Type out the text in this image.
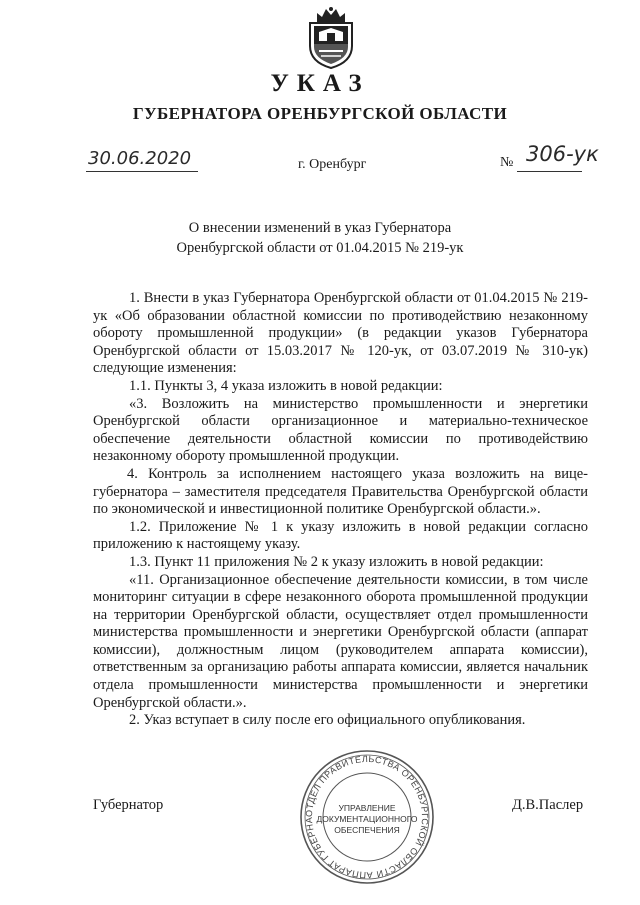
УКАЗ
ГУБЕРНАТОРА ОРЕНБУРГСКОЙ ОБЛАСТИ
30.06.2020	г. Оренбург	№ 306-ук
О внесении изменений в указ Губернатора
Оренбургской области от 01.04.2015 № 219-ук

1. Внести в указ Губернатора Оренбургской области от 01.04.2015 № 219-ук «Об образовании областной комиссии по противодействию незаконному обороту промышленной продукции» (в редакции указов Губернатора Оренбургской области от 15.03.2017 № 120-ук, от 03.07.2019 № 310-ук) следующие изменения:

1.1. Пункты 3, 4 указа изложить в новой редакции:

«3. Возложить на министерство промышленности и энергетики Оренбургской области организационное и материально-техническое обеспечение деятельности областной комиссии по противодействию незаконному обороту промышленной продукции.

4. Контроль за исполнением настоящего указа возложить на вице-губернатора – заместителя председателя Правительства Оренбургской области по экономической и инвестиционной политике Оренбургской области.».

1.2. Приложение № 1 к указу изложить в новой редакции согласно приложению к настоящему указу.

1.3. Пункт 11 приложения № 2 к указу изложить в новой редакции:

«11. Организационное обеспечение деятельности комиссии, в том числе мониторинг ситуации в сфере незаконного оборота промышленной продукции на территории Оренбургской области, осуществляет отдел промышленности министерства промышленности и энергетики Оренбургской области (аппарат комиссии), должностным лицом (руководителем аппарата комиссии), ответственным за организацию работы аппарата комиссии, является начальник отдела промышленности министерства промышленности и энергетики Оренбургской области.».

2. Указ вступает в силу после его официального опубликования.

Губернатор	Д.В.Паслер
ОТДЕЛ ПРАВИТЕЛЬСТВА ОРЕНБУРГСКОЙ ОБЛАСТИ АППАРАТ ГУБЕРНА
УПРАВЛЕНИЕ
ДОКУМЕНТАЦИОННОГО
ОБЕСПЕЧЕНИЯ
